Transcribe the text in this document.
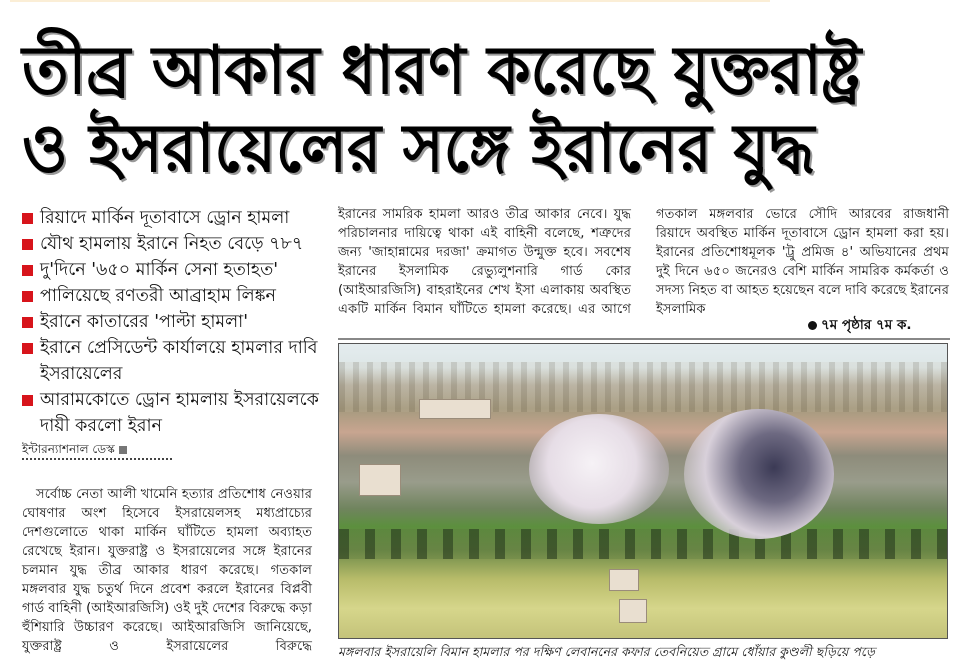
তীব্র আকার ধারণ করেছে যুক্তরাষ্ট্র
ও ইসরায়েলের সঙ্গে ইরানের যুদ্ধ
রিয়াদে মার্কিন দূতাবাসে ড্রোন হামলা
যৌথ হামলায় ইরানে নিহত বেড়ে ৭৮৭
দু'দিনে '৬৫০ মার্কিন সেনা হতাহত'
পালিয়েছে রণতরী আব্রাহাম লিঙ্কন
ইরানে কাতারের 'পাল্টা হামলা'
ইরানে প্রেসিডেন্ট কার্যালয়ে হামলার দাবি ইসরায়েলের
আরামকোতে ড্রোন হামলায় ইসরায়েলকে দায়ী করলো ইরান
ইন্টারন্যাশনাল ডেস্ক

সর্বোচ্চ নেতা আলী খামেনি হত্যার প্রতিশোধ নেওয়ার ঘোষণার অংশ হিসেবে ইসরায়েলসহ মধ্যপ্রাচ্যের দেশগুলোতে থাকা মার্কিন ঘাঁটিতে হামলা অব্যাহত রেখেছে ইরান। যুক্তরাষ্ট্র ও ইসরায়েলের সঙ্গে ইরানের চলমান যুদ্ধ তীব্র আকার ধারণ করেছে। গতকাল মঙ্গলবার যুদ্ধ চতুর্থ দিনে প্রবেশ করলে ইরানের বিপ্লবী গার্ড বাহিনী (আইআরজিসি) ওই দুই দেশের বিরুদ্ধে কড়া হুঁশিয়ারি উচ্চারণ করেছে। আইআরজিসি জানিয়েছে, যুক্তরাষ্ট্র ও ইসরায়েলের বিরুদ্ধে

ইরানের সামরিক হামলা আরও তীব্র আকার নেবে। যুদ্ধ পরিচালনার দায়িত্বে থাকা এই বাহিনী বলেছে, শত্রুদের জন্য 'জাহান্নামের দরজা' ক্রমাগত উন্মুক্ত হবে। সবশেষ ইরানের ইসলামিক রেভ্যুলুশনারি গার্ড কোর (আইআরজিসি) বাহরাইনের শেখ ইসা এলাকায় অবস্থিত একটি মার্কিন বিমান ঘাঁটিতে হামলা করেছে। এর আগে

গতকাল মঙ্গলবার ভোরে সৌদি আরবের রাজধানী রিয়াদে অবস্থিত মার্কিন দূতাবাসে ড্রোন হামলা করা হয়। ইরানের প্রতিশোধমূলক 'ট্রু প্রমিজ ৪' অভিযানের প্রথম দুই দিনে ৬৫০ জনেরও বেশি মার্কিন সামরিক কর্মকর্তা ও সদস্য নিহত বা আহত হয়েছেন বলে দাবি করেছে ইরানের ইসলামিক

৭ম পৃষ্ঠার ৭ম ক.
মঙ্গলবার ইসরায়েলি বিমান হামলার পর দক্ষিণ লেবাননের কফার তেবনিয়েত গ্রামে ধোঁয়ার কুণ্ডলী ছড়িয়ে পড়ে
